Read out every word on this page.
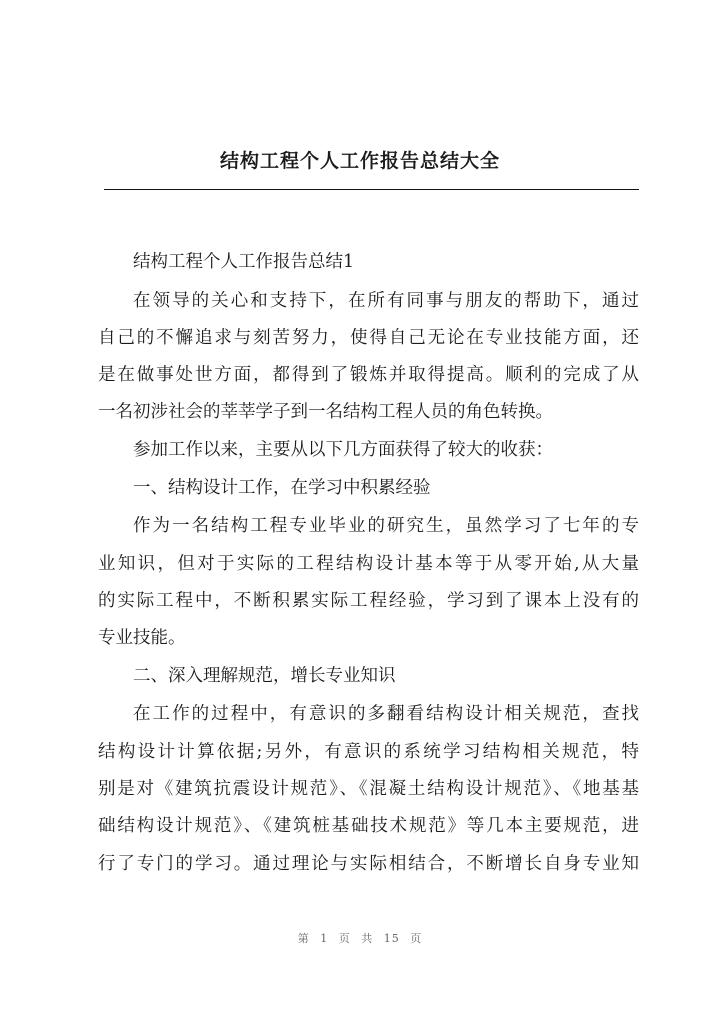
结构工程个人工作报告总结大全
结构工程个人工作报告总结1
在领导的关心和支持下，在所有同事与朋友的帮助下，通过
自己的不懈追求与刻苦努力，使得自己无论在专业技能方面，还
是在做事处世方面，都得到了锻炼并取得提高。顺利的完成了从
一名初涉社会的莘莘学子到一名结构工程人员的角色转换。
参加工作以来，主要从以下几方面获得了较大的收获：
一、结构设计工作，在学习中积累经验
作为一名结构工程专业毕业的研究生，虽然学习了七年的专
业知识，但对于实际的工程结构设计基本等于从零开始,从大量
的实际工程中，不断积累实际工程经验，学习到了课本上没有的
专业技能。
二、深入理解规范，增长专业知识
在工作的过程中，有意识的多翻看结构设计相关规范，查找
结构设计计算依据;另外，有意识的系统学习结构相关规范，特
别是对《建筑抗震设计规范》、《混凝土结构设计规范》、《地基基
础结构设计规范》、《建筑桩基础技术规范》等几本主要规范，进
行了专门的学习。通过理论与实际相结合，不断增长自身专业知
第 1 页 共 15 页
